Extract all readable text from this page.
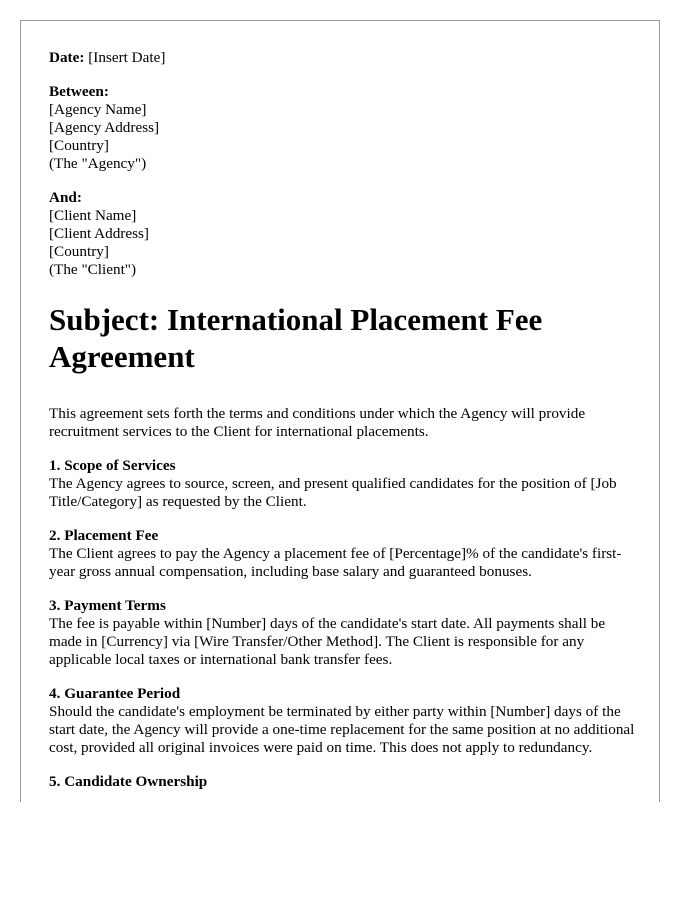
Date: [Insert Date]
Between:
[Agency Name]
[Agency Address]
[Country]
(The "Agency")
And:
[Client Name]
[Client Address]
[Country]
(The "Client")
Subject: International Placement Fee Agreement

This agreement sets forth the terms and conditions under which the Agency will provide recruitment services to the Client for international placements.

1. Scope of Services
The Agency agrees to source, screen, and present qualified candidates for the position of [Job Title/Category] as requested by the Client.

2. Placement Fee
The Client agrees to pay the Agency a placement fee of [Percentage]% of the candidate's first-year gross annual compensation, including base salary and guaranteed bonuses.

3. Payment Terms
The fee is payable within [Number] days of the candidate's start date. All payments shall be made in [Currency] via [Wire Transfer/Other Method]. The Client is responsible for any applicable local taxes or international bank transfer fees.

4. Guarantee Period
Should the candidate's employment be terminated by either party within [Number] days of the start date, the Agency will provide a one-time replacement for the same position at no additional cost, provided all original invoices were paid on time. This does not apply to redundancy.

5. Candidate Ownership
